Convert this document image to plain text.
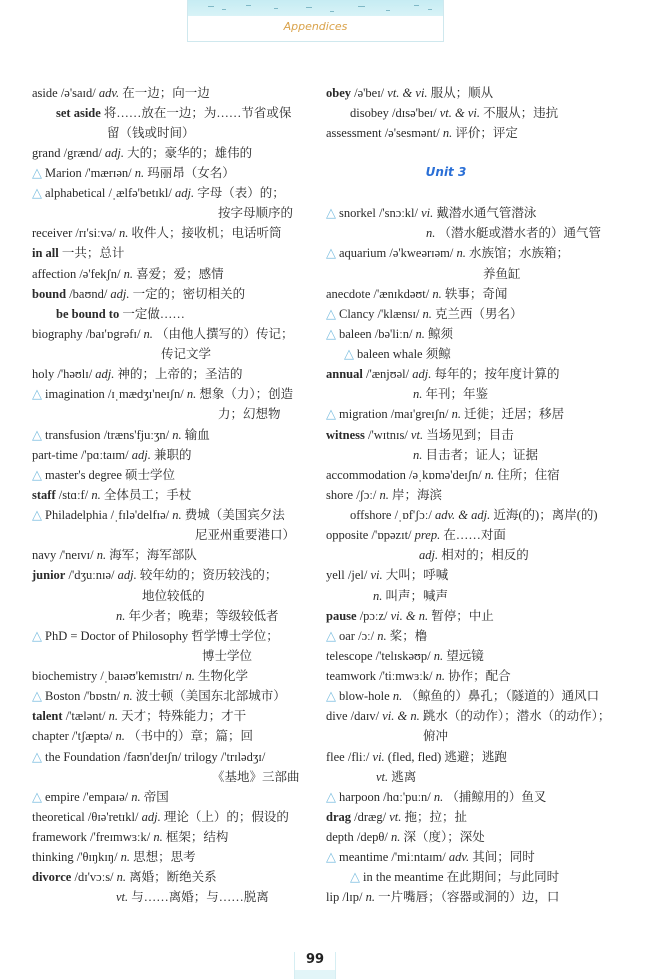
Appendices
aside /ə'saɪd/ adv. 在一边；向一边
set aside 将……放在一边；为……节省或保
留（钱或时间）
grand /grænd/ adj. 大的；豪华的；雄伟的
△ Marion /'mærɪən/ n. 玛丽昂（女名）
△ alphabetical /ˌælfə'betɪkl/ adj. 字母（表）的；
按字母顺序的
receiver /rɪ'siːvə/ n. 收件人；接收机；电话听筒
in all 一共；总计
affection /ə'fekʃn/ n. 喜爱；爱；感情
bound /baʊnd/ adj. 一定的；密切相关的
be bound to 一定做……
biography /baɪ'ɒgrəfɪ/ n. （由他人撰写的）传记；
传记文学
holy /'həʊlɪ/ adj. 神的；上帝的；圣洁的
△ imagination /ɪˌmædʒɪ'neɪʃn/ n. 想象（力）；创造
力；幻想物
△ transfusion /træns'fjuːʒn/ n. 输血
part-time /'pɑːtaɪm/ adj. 兼职的
△ master's degree 硕士学位
staff /stɑːf/ n. 全体员工；手杖
△ Philadelphia /ˌfɪlə'delfɪə/ n. 费城（美国宾夕法
尼亚州重要港口）
navy /'neɪvɪ/ n. 海军；海军部队
junior /'dʒuːnɪə/ adj. 较年幼的；资历较浅的；
地位较低的
n. 年少者；晚辈；等级较低者
△ PhD = Doctor of Philosophy 哲学博士学位；
博士学位
biochemistry /ˌbaɪəʊ'kemɪstrɪ/ n. 生物化学
△ Boston /'bɒstn/ n. 波士顿（美国东北部城市）
talent /'tælənt/ n. 天才；特殊能力；才干
chapter /'tʃæptə/ n. （书中的）章；篇；回
△ the Foundation /faʊn'deɪʃn/ trilogy /'trɪlədʒɪ/
《基地》三部曲
△ empire /'empaɪə/ n. 帝国
theoretical /θɪə'retɪkl/ adj. 理论（上）的；假设的
framework /'freɪmwɜːk/ n. 框架；结构
thinking /'θɪŋkɪŋ/ n. 思想；思考
divorce /dɪ'vɔːs/ n. 离婚；断绝关系
vt. 与……离婚；与……脱离
Unit 3
obey /ə'beɪ/ vt. & vi. 服从；顺从
disobey /dɪsə'beɪ/ vt. & vi. 不服从；违抗
assessment /ə'sesmənt/ n. 评价；评定
△ snorkel /'snɔːkl/ vi. 戴潜水通气管潜泳
n. （潜水艇或潜水者的）通气管
△ aquarium /ə'kweərɪəm/ n. 水族馆；水族箱；
养鱼缸
anecdote /'ænɪkdəʊt/ n. 轶事；奇闻
△ Clancy /'klænsɪ/ n. 克兰西（男名）
△ baleen /bə'liːn/ n. 鲸须
△ baleen whale 须鲸
annual /'ænjʊəl/ adj. 每年的；按年度计算的
n. 年刊；年鉴
△ migration /maɪ'greɪʃn/ n. 迁徙；迁居；移居
witness /'wɪtnɪs/ vt. 当场见到；目击
n. 目击者；证人；证据
accommodation /əˌkɒmə'deɪʃn/ n. 住所；住宿
shore /ʃɔː/ n. 岸；海滨
offshore /ˌɒf'ʃɔː/ adv. & adj. 近海(的)；离岸(的)
opposite /'ɒpəzɪt/ prep. 在……对面
adj. 相对的；相反的
yell /jel/ vi. 大叫；呼喊
n. 叫声；喊声
pause /pɔːz/ vi. & n. 暂停；中止
△ oar /ɔː/ n. 桨；橹
telescope /'telɪskəʊp/ n. 望远镜
teamwork /'tiːmwɜːk/ n. 协作；配合
△ blow-hole n. （鲸鱼的）鼻孔；（隧道的）通风口
dive /daɪv/ vi. & n. 跳水（的动作）；潜水（的动作）；
俯冲
flee /fliː/ vi. (fled, fled) 逃避；逃跑
vt. 逃离
△ harpoon /hɑː'puːn/ n. （捕鲸用的）鱼叉
drag /dræg/ vt. 拖；拉；扯
depth /depθ/ n. 深（度）；深处
△ meantime /'miːntaɪm/ adv. 其间；同时
△ in the meantime 在此期间；与此同时
lip /lɪp/ n. 一片嘴唇；（容器或洞的）边，口
99
